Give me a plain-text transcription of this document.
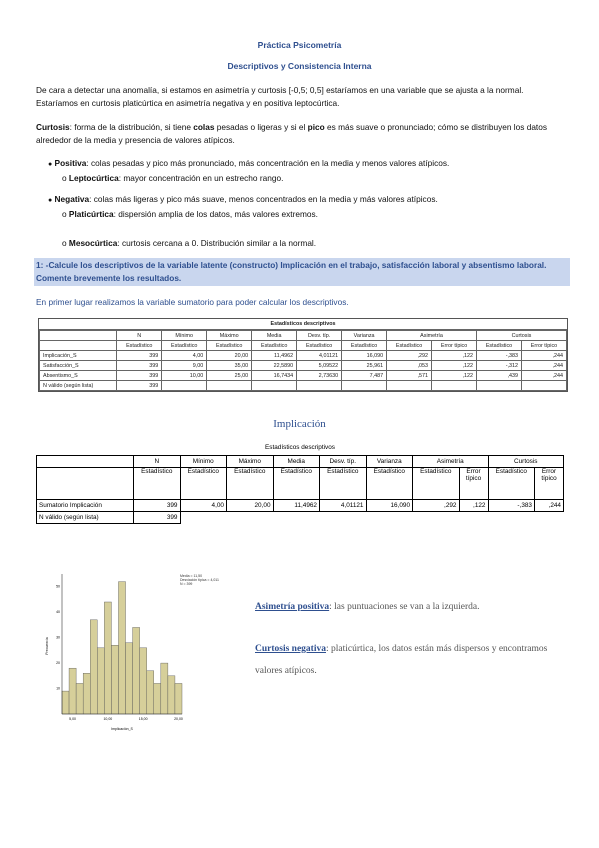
Práctica Psicometría
Descriptivos y Consistencia Interna
De cara a detectar una anomalía, si estamos en asimetría y curtosis [-0,5; 0,5] estaríamos en una variable que se ajusta a la normal. Estaríamos en curtosis platicúrtica en asimetría negativa y en positiva leptocúrtica.
Curtosis: forma de la distribución, si tiene colas pesadas o ligeras y si el pico es más suave o pronunciado; cómo se distribuyen los datos alrededor de la media y presencia de valores atípicos.
● Positiva: colas pesadas y pico más pronunciado, más concentración en la media y menos valores atípicos.
o Leptocúrtica: mayor concentración en un estrecho rango.
● Negativa: colas más ligeras y pico más suave, menos concentrados en la media y más valores atípicos.
o Platicúrtica: dispersión amplia de los datos, más valores extremos.
o Mesocúrtica: curtosis cercana a 0. Distribución similar a la normal.
1: -Calcule los descriptivos de la variable latente (constructo) Implicación en el trabajo, satisfacción laboral y absentismo laboral. Comente brevemente los resultados.
En primer lugar realizamos la variable sumatorio para poder calcular los descriptivos.
Estadísticos descriptivos
	N	Mínimo	Máximo	Media	Desv. típ.	Varianza	Asimetría		Curtosis	
	Estadístico	Estadístico	Estadístico	Estadístico	Estadístico	Estadístico	Estadístico	Error típico	Estadístico	Error típico
Implicación_S	399	4,00	20,00	11,4962	4,01121	16,090	,292	,122	-,383	,244
Satisfacción_S	399	9,00	35,00	22,5890	5,09522	25,961	,053	,122	-,312	,244
Absentismo_S	399	10,00	25,00	16,7434	2,73630	7,487	,571	,122	,439	,244
N válido (según lista)	399									
Implicación
Estadísticos descriptivos
	N	Mínimo	Máximo	Media	Desv. típ.	Varianza	Asimetría		Curtosis	
	Estadístico	Estadístico	Estadístico	Estadístico	Estadístico	Estadístico	Estadístico	Error típico	Estadístico	Error típico
Sumatorio Implicación	399	4,00	20,00	11,4962	4,01121	16,090	,292	,122	-,383	,244
N válido (según lista)	399									
10
20
30
40
50
5,00	10,00	15,00	20,00
Frecuencia
Implicación_S
Media = 11,50
Desviación típica = 4,011
N = 399
Asimetría positiva: las puntuaciones se van a la izquierda.
Curtosis negativa: platicúrtica, los datos están más dispersos y encontramos valores atípicos.
